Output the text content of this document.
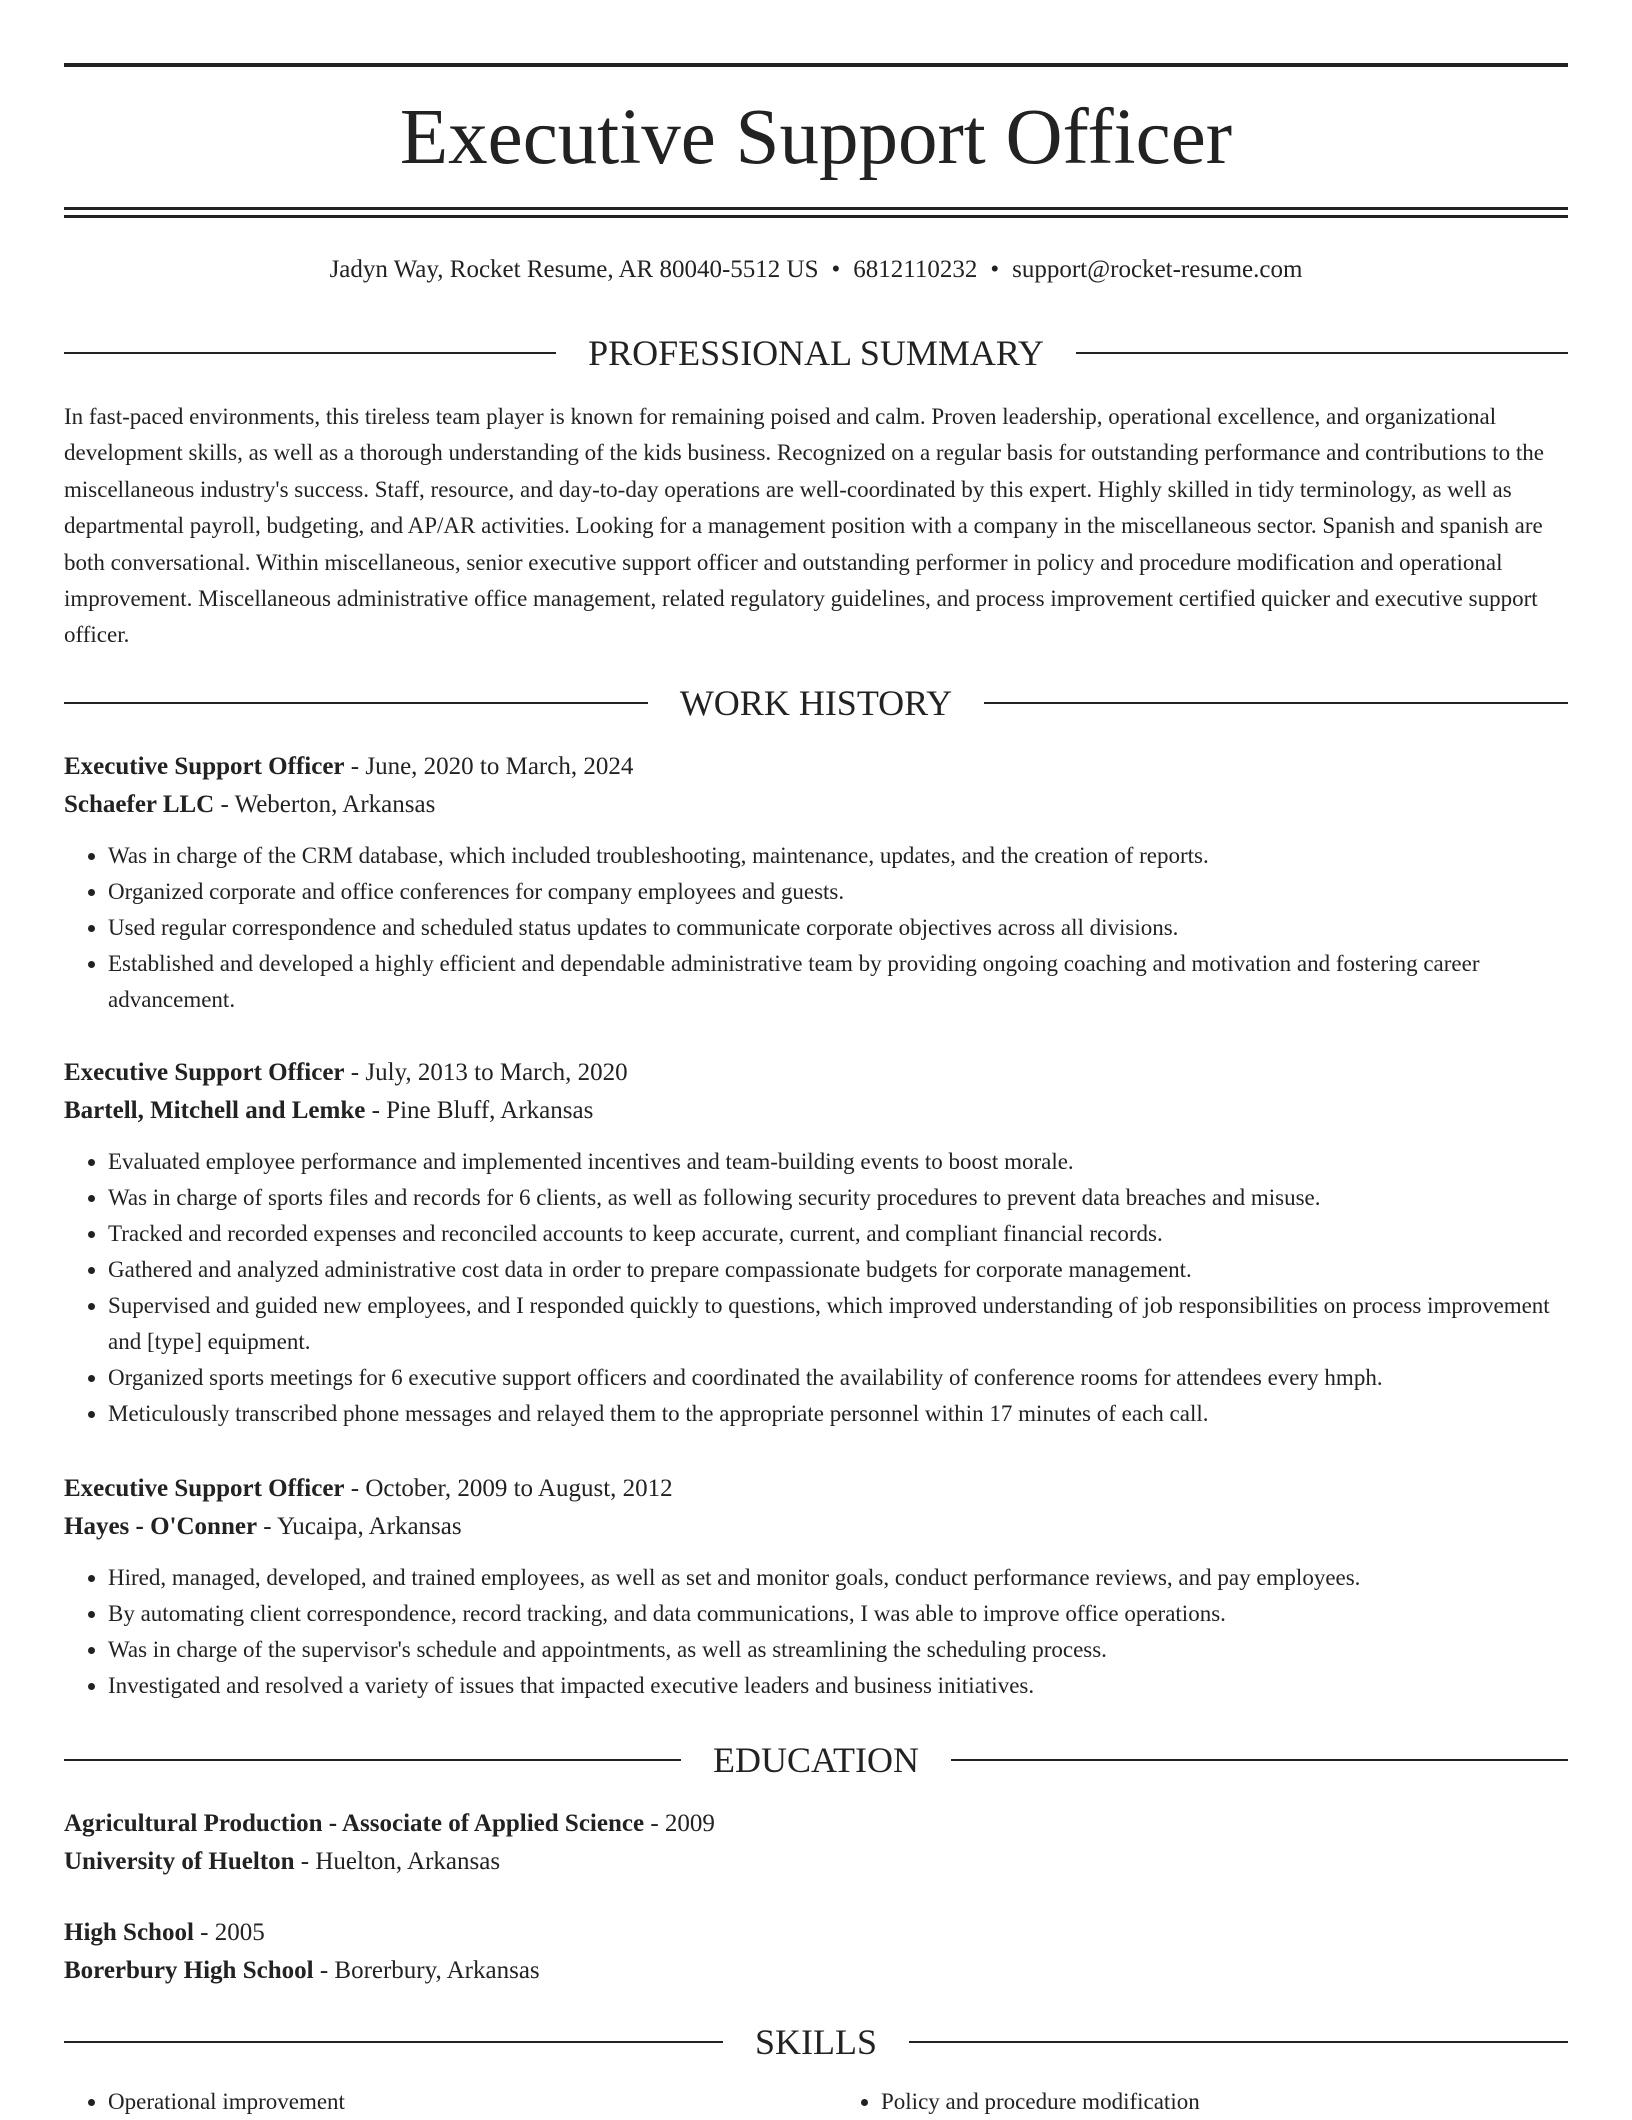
Executive Support Officer
Jadyn Way, Rocket Resume, AR 80040-5512 US • 6812110232 • support@rocket-resume.com
PROFESSIONAL SUMMARY

In fast-paced environments, this tireless team player is known for remaining poised and calm. Proven leadership, operational excellence, and organizational development skills, as well as a thorough understanding of the kids business. Recognized on a regular basis for outstanding performance and contributions to the miscellaneous industry's success. Staff, resource, and day-to-day operations are well-coordinated by this expert. Highly skilled in tidy terminology, as well as departmental payroll, budgeting, and AP/AR activities. Looking for a management position with a company in the miscellaneous sector. Spanish and spanish are both conversational. Within miscellaneous, senior executive support officer and outstanding performer in policy and procedure modification and operational improvement. Miscellaneous administrative office management, related regulatory guidelines, and process improvement certified quicker and executive support officer.

WORK HISTORY
Executive Support Officer - June, 2020 to March, 2024
Schaefer LLC - Weberton, Arkansas
• Was in charge of the CRM database, which included troubleshooting, maintenance, updates, and the creation of reports.
• Organized corporate and office conferences for company employees and guests.
• Used regular correspondence and scheduled status updates to communicate corporate objectives across all divisions.
• Established and developed a highly efficient and dependable administrative team by providing ongoing coaching and motivation and fostering career advancement.
Executive Support Officer - July, 2013 to March, 2020
Bartell, Mitchell and Lemke - Pine Bluff, Arkansas
• Evaluated employee performance and implemented incentives and team-building events to boost morale.
• Was in charge of sports files and records for 6 clients, as well as following security procedures to prevent data breaches and misuse.
• Tracked and recorded expenses and reconciled accounts to keep accurate, current, and compliant financial records.
• Gathered and analyzed administrative cost data in order to prepare compassionate budgets for corporate management.
• Supervised and guided new employees, and I responded quickly to questions, which improved understanding of job responsibilities on process improvement and [type] equipment.
• Organized sports meetings for 6 executive support officers and coordinated the availability of conference rooms for attendees every hmph.
• Meticulously transcribed phone messages and relayed them to the appropriate personnel within 17 minutes of each call.
Executive Support Officer - October, 2009 to August, 2012
Hayes - O'Conner - Yucaipa, Arkansas
• Hired, managed, developed, and trained employees, as well as set and monitor goals, conduct performance reviews, and pay employees.
• By automating client correspondence, record tracking, and data communications, I was able to improve office operations.
• Was in charge of the supervisor's schedule and appointments, as well as streamlining the scheduling process.
• Investigated and resolved a variety of issues that impacted executive leaders and business initiatives.
EDUCATION
Agricultural Production - Associate of Applied Science - 2009
University of Huelton - Huelton, Arkansas
High School - 2005
Borerbury High School - Borerbury, Arkansas
SKILLS
• Operational improvement
•	Policy and procedure modification
